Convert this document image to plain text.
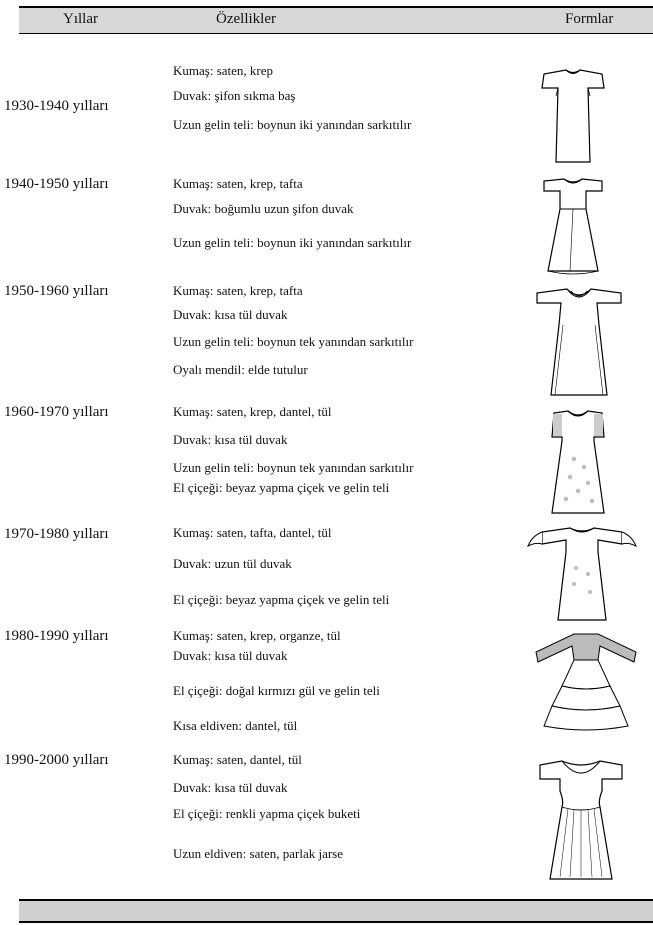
Yıllar	Özellikler	Formlar
1930-1940 yılları
Kumaş: saten, krep
Duvak: şifon sıkma baş
Uzun gelin teli: boynun iki yanından sarkıtılır
1940-1950 yılları	Kumaş: saten, krep, tafta
Duvak: boğumlu uzun şifon duvak
Uzun gelin teli: boynun iki yanından sarkıtılır
1950-1960 yılları	Kumaş: saten, krep, tafta
Duvak: kısa tül duvak
Uzun gelin teli: boynun tek yanından sarkıtılır
Oyalı mendil: elde tutulur
1960-1970 yılları	Kumaş: saten, krep, dantel, tül
Duvak: kısa tül duvak
Uzun gelin teli: boynun tek yanından sarkıtılır
El çiçeği: beyaz yapma çiçek ve gelin teli
1970-1980 yılları	Kumaş: saten, tafta, dantel, tül
Duvak: uzun tül duvak
El çiçeği: beyaz yapma çiçek ve gelin teli
1980-1990 yılları	Kumaş: saten, krep, organze, tül
Duvak: kısa tül duvak
El çiçeği: doğal kırmızı gül ve gelin teli
Kısa eldiven: dantel, tül
1990-2000 yılları	Kumaş: saten, dantel, tül
Duvak: kısa tül duvak
El çiçeği: renkli yapma çiçek buketi
Uzun eldiven: saten, parlak jarse
